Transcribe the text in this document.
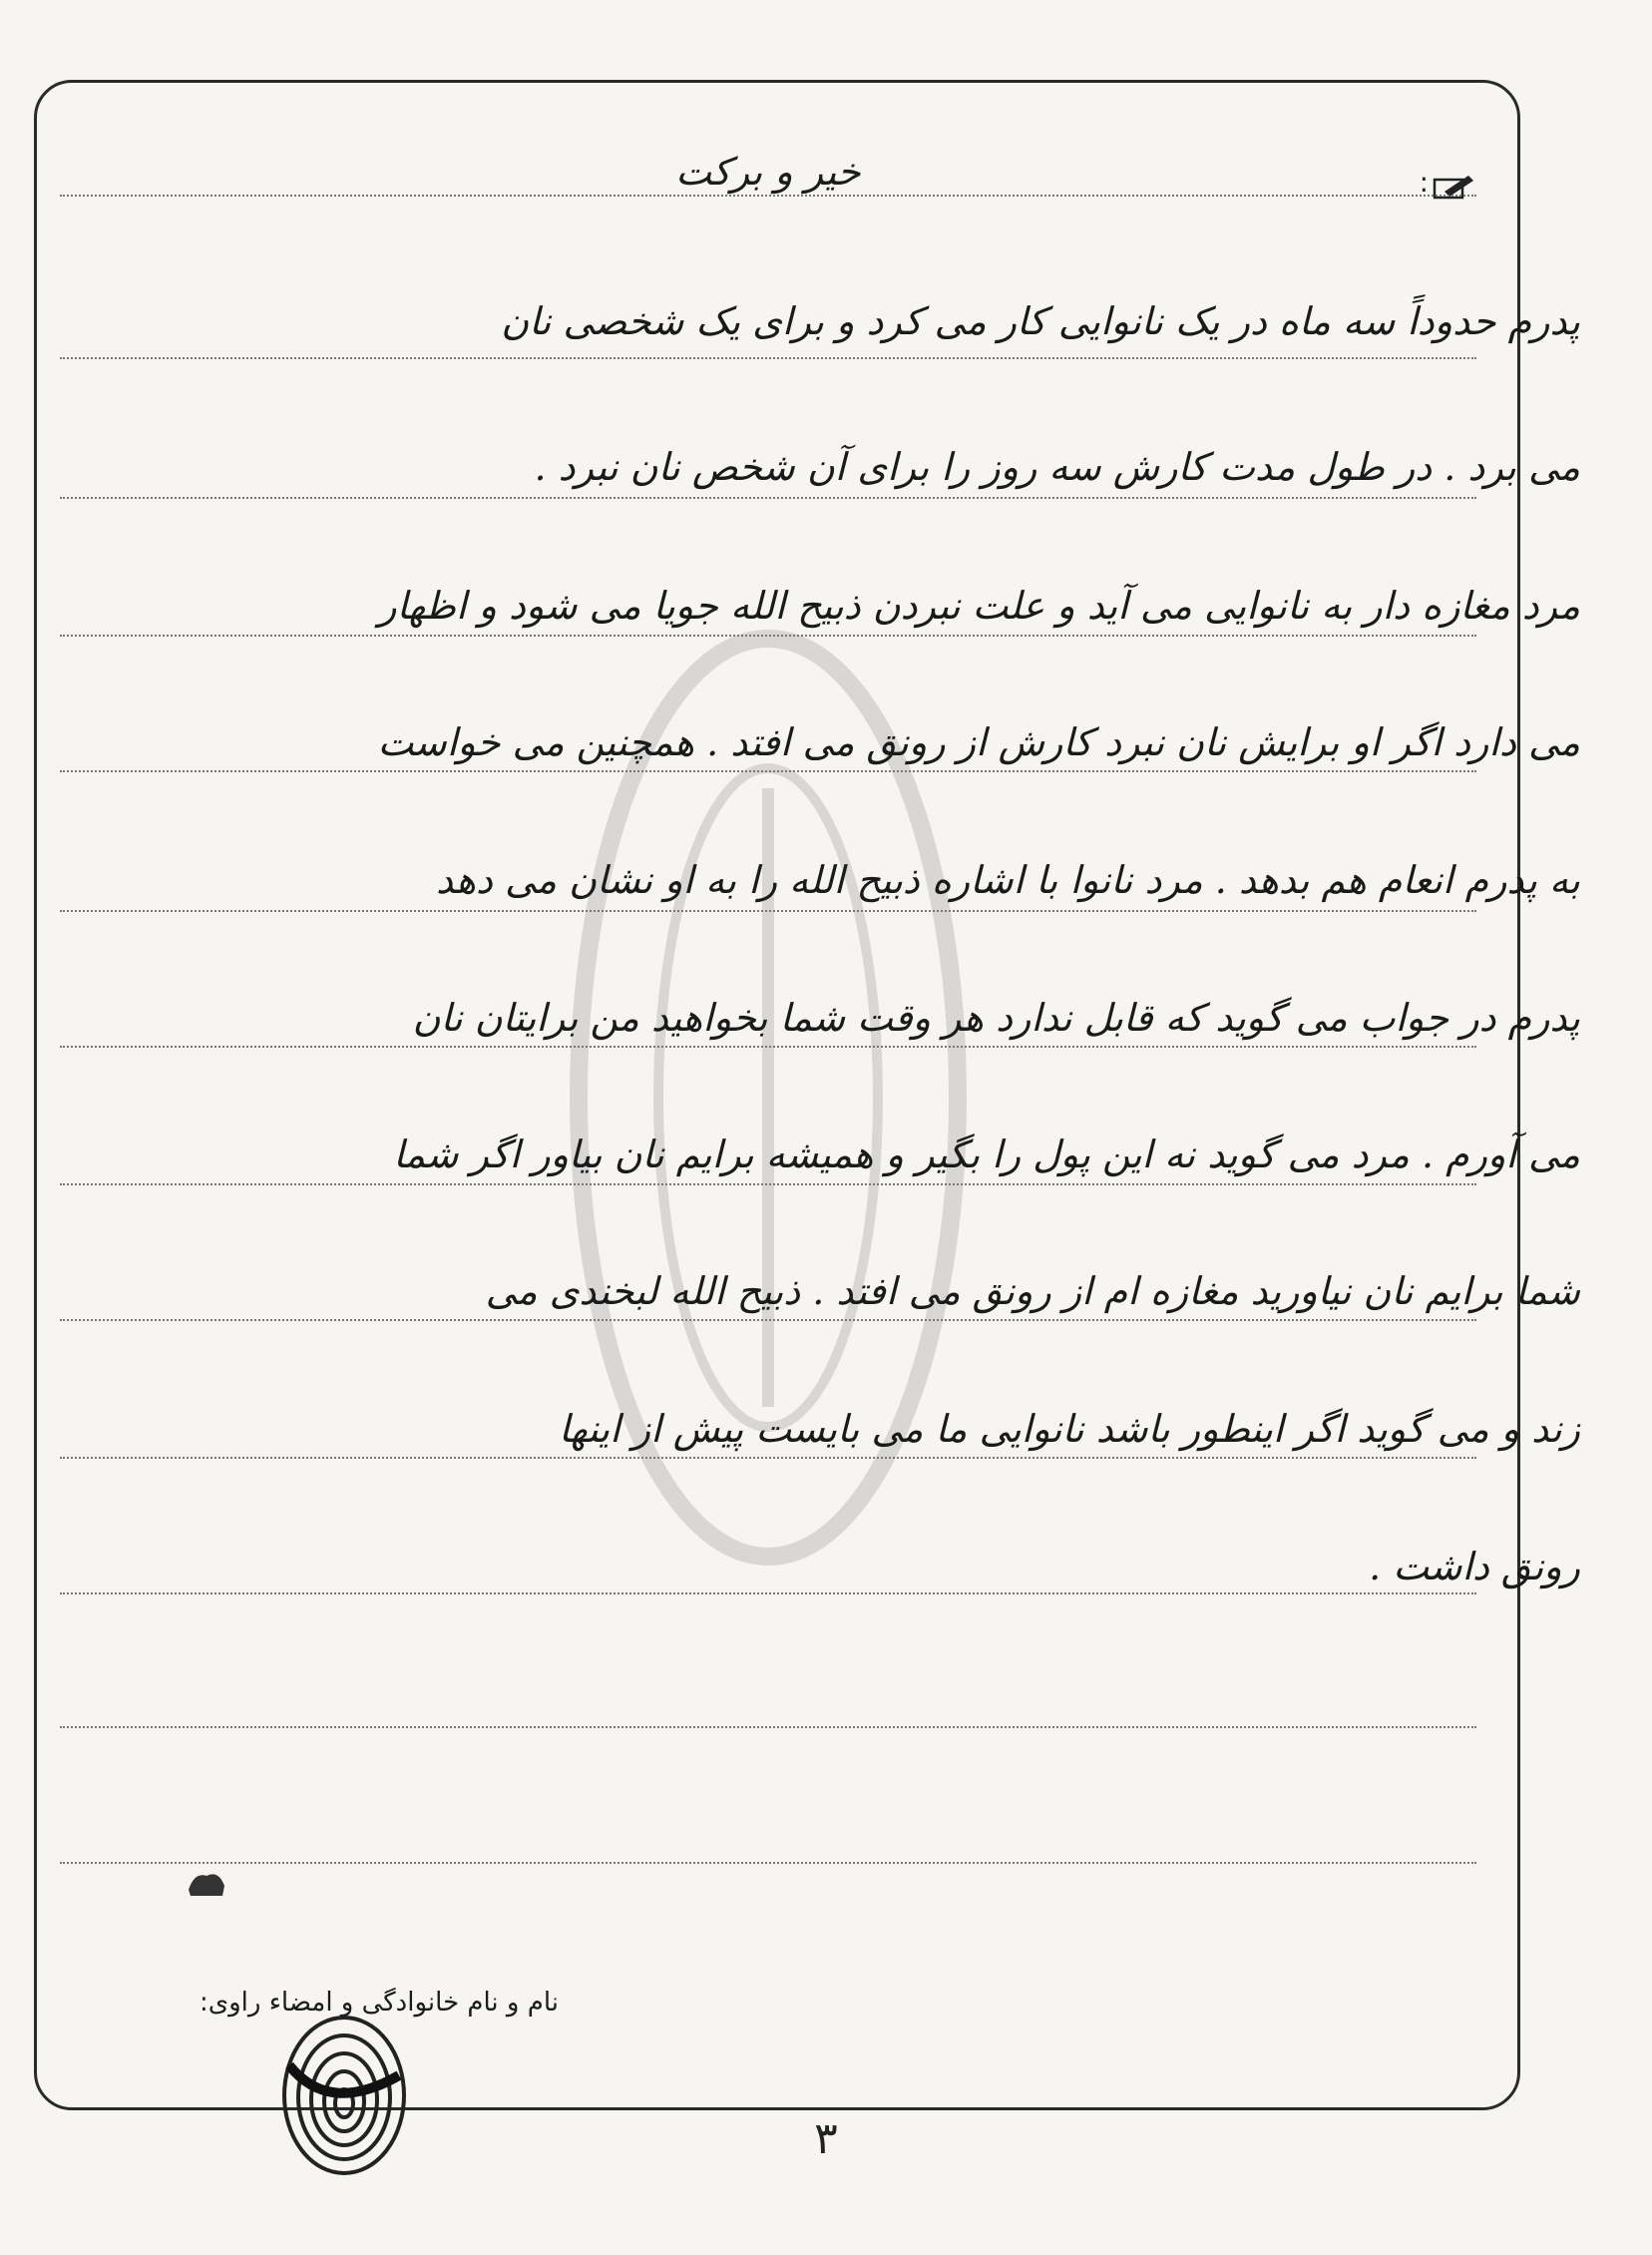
خیر و برکت	:
پدرم حدوداً سه ماه در یک نانوایی کار می کرد و برای یک شخصی نان
می برد . در طول مدت کارش سه روز را برای آن شخص نان نبرد .
مرد مغازه دار به نانوایی می آید و علت نبردن ذبیح الله جویا می شود و اظهار
می دارد اگر او برایش نان نبرد کارش از رونق می افتد . همچنین می خواست
به پدرم انعام هم بدهد . مرد نانوا با اشاره ذبیح الله را به او نشان می دهد
پدرم در جواب می گوید که قابل ندارد هر وقت شما بخواهید من برایتان نان
می آورم . مرد می گوید نه این پول را بگیر و همیشه برایم نان بیاور اگر شما
شما برایم نان نیاورید مغازه ام از رونق می افتد . ذبیح الله لبخندی می
زند و می گوید اگر اینطور باشد نانوایی ما می بایست پیش از اینها
رونق داشت .
نام و نام خانوادگی و امضاء راوی:
۳
